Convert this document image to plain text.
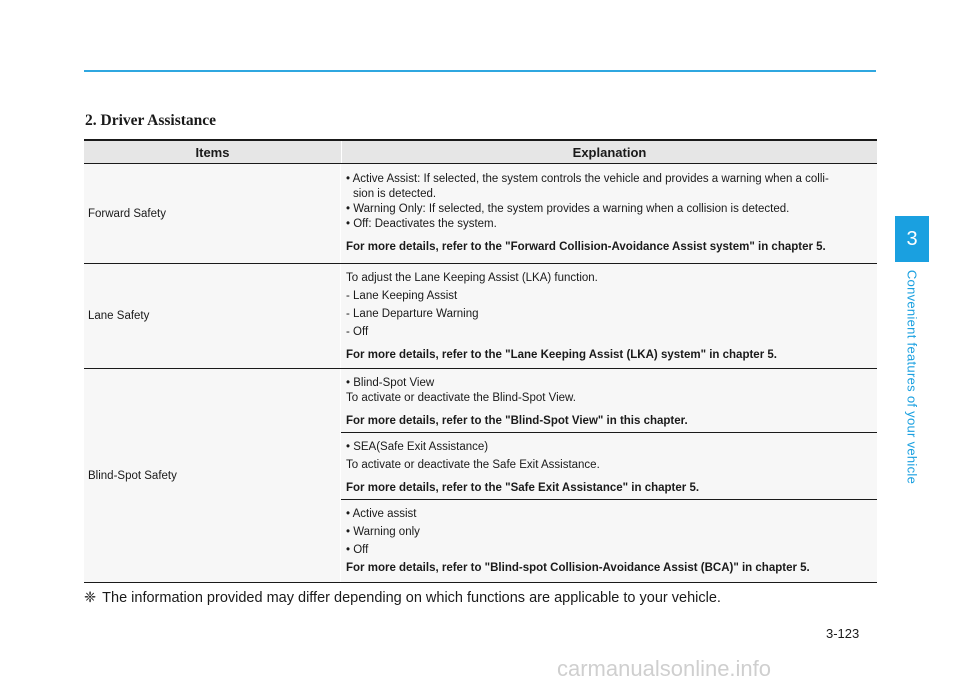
2. Driver Assistance
Items	Explanation
Forward Safety
• Active Assist: If selected, the system controls the vehicle and provides a warning when a colli-
sion is detected.
• Warning Only: If selected, the system provides a warning when a collision is detected.
• Off: Deactivates the system.
For more details, refer to the "Forward Collision-Avoidance Assist system" in chapter 5.
Lane Safety
To adjust the Lane Keeping Assist (LKA) function.
- Lane Keeping Assist
- Lane Departure Warning
- Off
For more details, refer to the "Lane Keeping Assist (LKA) system" in chapter 5.
Blind-Spot Safety
• Blind-Spot View
To activate or deactivate the Blind-Spot View.
For more details, refer to the "Blind-Spot View" in this chapter.
• SEA(Safe Exit Assistance)
To activate or deactivate the Safe Exit Assistance.
For more details, refer to the "Safe Exit Assistance" in chapter 5.
• Active assist
• Warning only
• Off
For more details, refer to "Blind-spot Collision-Avoidance Assist (BCA)" in chapter 5.
❈ The information provided may differ depending on which functions are applicable to your vehicle.
3-123
3
Convenient features of your vehicle
carmanualsonline.info
